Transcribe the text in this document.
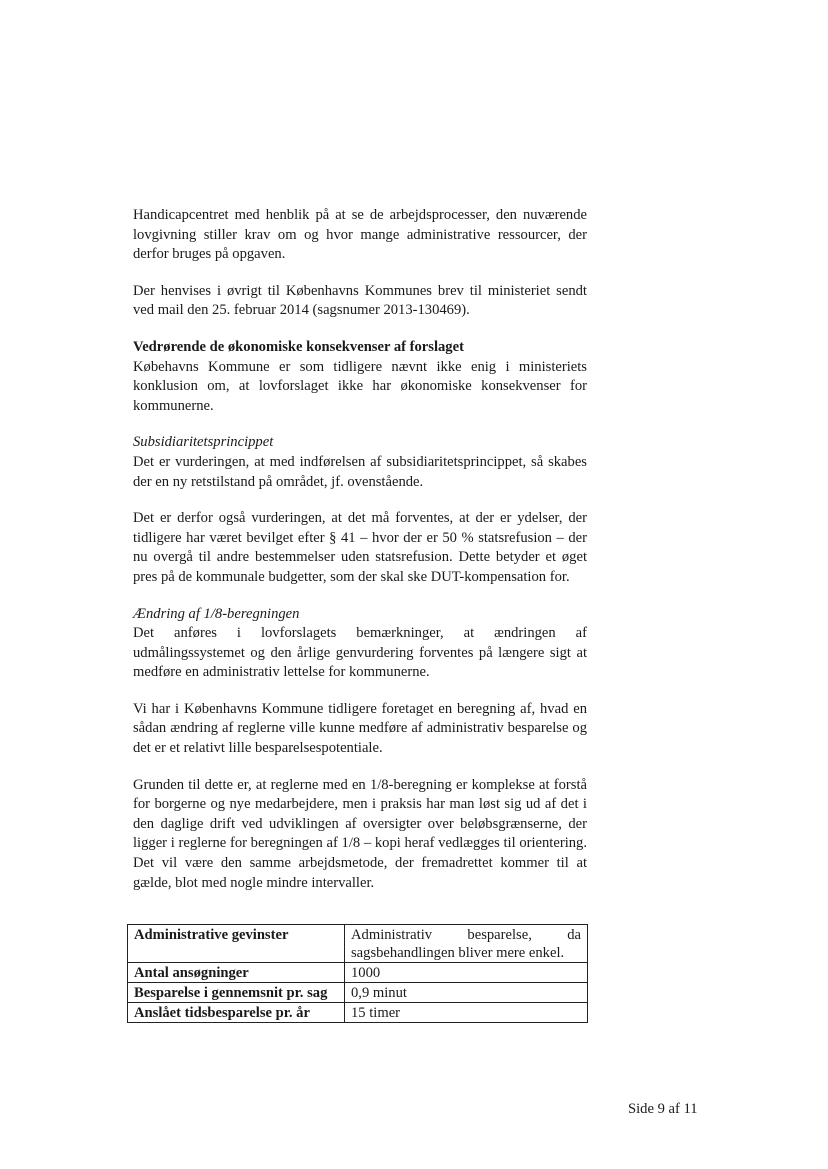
Handicapcentret med henblik på at se de arbejdsprocesser, den nuværende lovgivning stiller krav om og hvor mange administrative ressourcer, der derfor bruges på opgaven.

Der henvises i øvrigt til Københavns Kommunes brev til ministeriet sendt ved mail den 25. februar 2014 (sagsnumer 2013-130469).

Vedrørende de økonomiske konsekvenser af forslaget

Køb​ehavns Kommune er som tidligere nævnt ikke enig i ministeriets konklusion om, at lovforslaget ikke har økonomiske konsekvenser for kommunerne.

Subsidiaritetsprincippet

Det er vurderingen, at med indførelsen af subsidiaritetsprincippet, så skabes der en ny retstilstand på området, jf. ovenstående.

Det er derfor også vurderingen, at det må forventes, at der er ydelser, der tidligere har været bevilget efter § 41 – hvor der er 50 % statsrefusion – der nu overgå til andre bestemmelser uden statsrefusion. Dette betyder et øget pres på de kommunale budgetter, som der skal ske DUT-kompensation for.

Ændring af 1/8-beregningen

Det anføres i lovforslagets bemærkninger, at ændringen af udmålingssystemet og den årlige genvurdering forventes på længere sigt at medføre en administrativ lettelse for kommunerne.

Vi har i Københavns Kommune tidligere foretaget en beregning af, hvad en sådan ændring af reglerne ville kunne medføre af administrativ besparelse og det er et relativt lille besparelsespotentiale.

Grunden til dette er, at reglerne med en 1/8-beregning er komplekse at forstå for borgerne og nye medarbejdere, men i praksis har man løst sig ud af det i den daglige drift ved udviklingen af oversigter over beløbsgrænserne, der ligger i reglerne for beregningen af 1/8 – kopi heraf vedlægges til orientering. Det vil være den samme arbejdsmetode, der fremadrettet kommer til at gælde, blot med nogle mindre intervaller.

Administrative gevinster	Administrativ besparelse, da sagsbehandlingen bliver mere enkel.
Antal ansøgninger	1000
Besparelse i gennemsnit pr. sag	0,9 minut
Anslået tidsbesparelse pr. år	15 timer
Side 9 af 11
